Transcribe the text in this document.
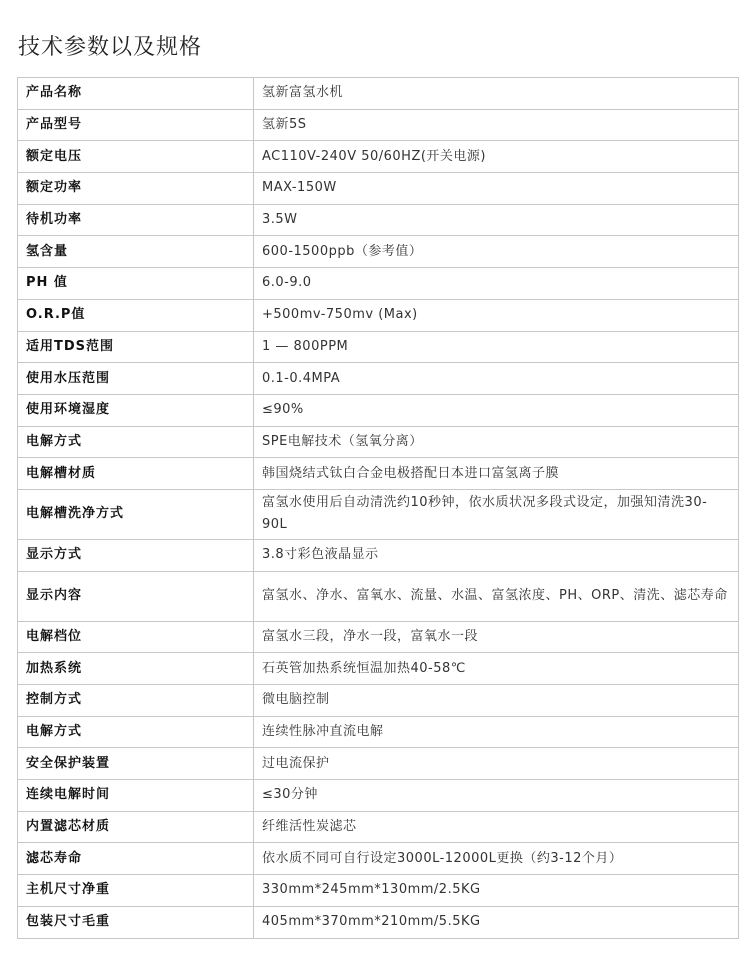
技术参数以及规格
产品名称	氢新富氢水机
产品型号	氢新5S
额定电压	AC110V-240V 50/60HZ(开关电源)
额定功率	MAX-150W
待机功率	3.5W
氢含量	600-1500ppb（参考值）
PH 值	6.0-9.0
O.R.P值	+500mv-750mv (Max)
适用TDS范围	1 — 800PPM
使用水压范围	0.1-0.4MPA
使用环境湿度	≤90%
电解方式	SPE电解技术（氢氧分离）
电解槽材质	韩国烧结式钛白合金电极搭配日本进口富氢离子膜
电解槽洗净方式	富氢水使用后自动清洗约10秒钟，依水质状况多段式设定，加强知清洗30-90L
显示方式	3.8寸彩色液晶显示
显示内容	富氢水、净水、富氧水、流量、水温、富氢浓度、PH、ORP、清洗、滤芯寿命
电解档位	富氢水三段，净水一段，富氧水一段
加热系统	石英管加热系统恒温加热40-58℃
控制方式	微电脑控制
电解方式	连续性脉冲直流电解
安全保护装置	过电流保护
连续电解时间	≤30分钟
内置滤芯材质	纤维活性炭滤芯
滤芯寿命	依水质不同可自行设定3000L-12000L更换（约3-12个月）
主机尺寸净重	330mm*245mm*130mm/2.5KG
包装尺寸毛重	405mm*370mm*210mm/5.5KG
